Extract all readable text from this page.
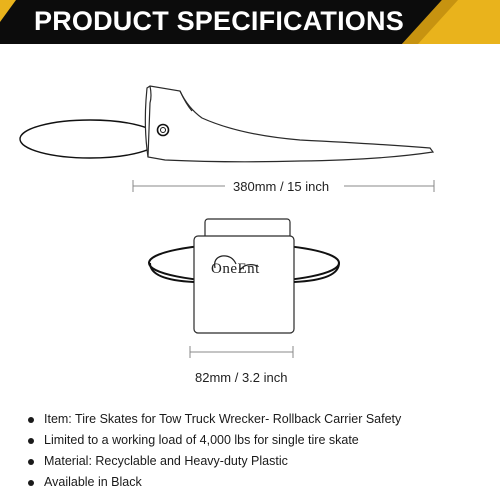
PRODUCT SPECIFICATIONS
380mm / 15 inch
82mm / 3.2 inch
OneEnt
Item: Tire Skates for Tow Truck Wrecker- Rollback Carrier Safety
Limited to a working load of 4,000 lbs for single tire skate
Material: Recyclable and Heavy-duty Plastic
Available in Black
